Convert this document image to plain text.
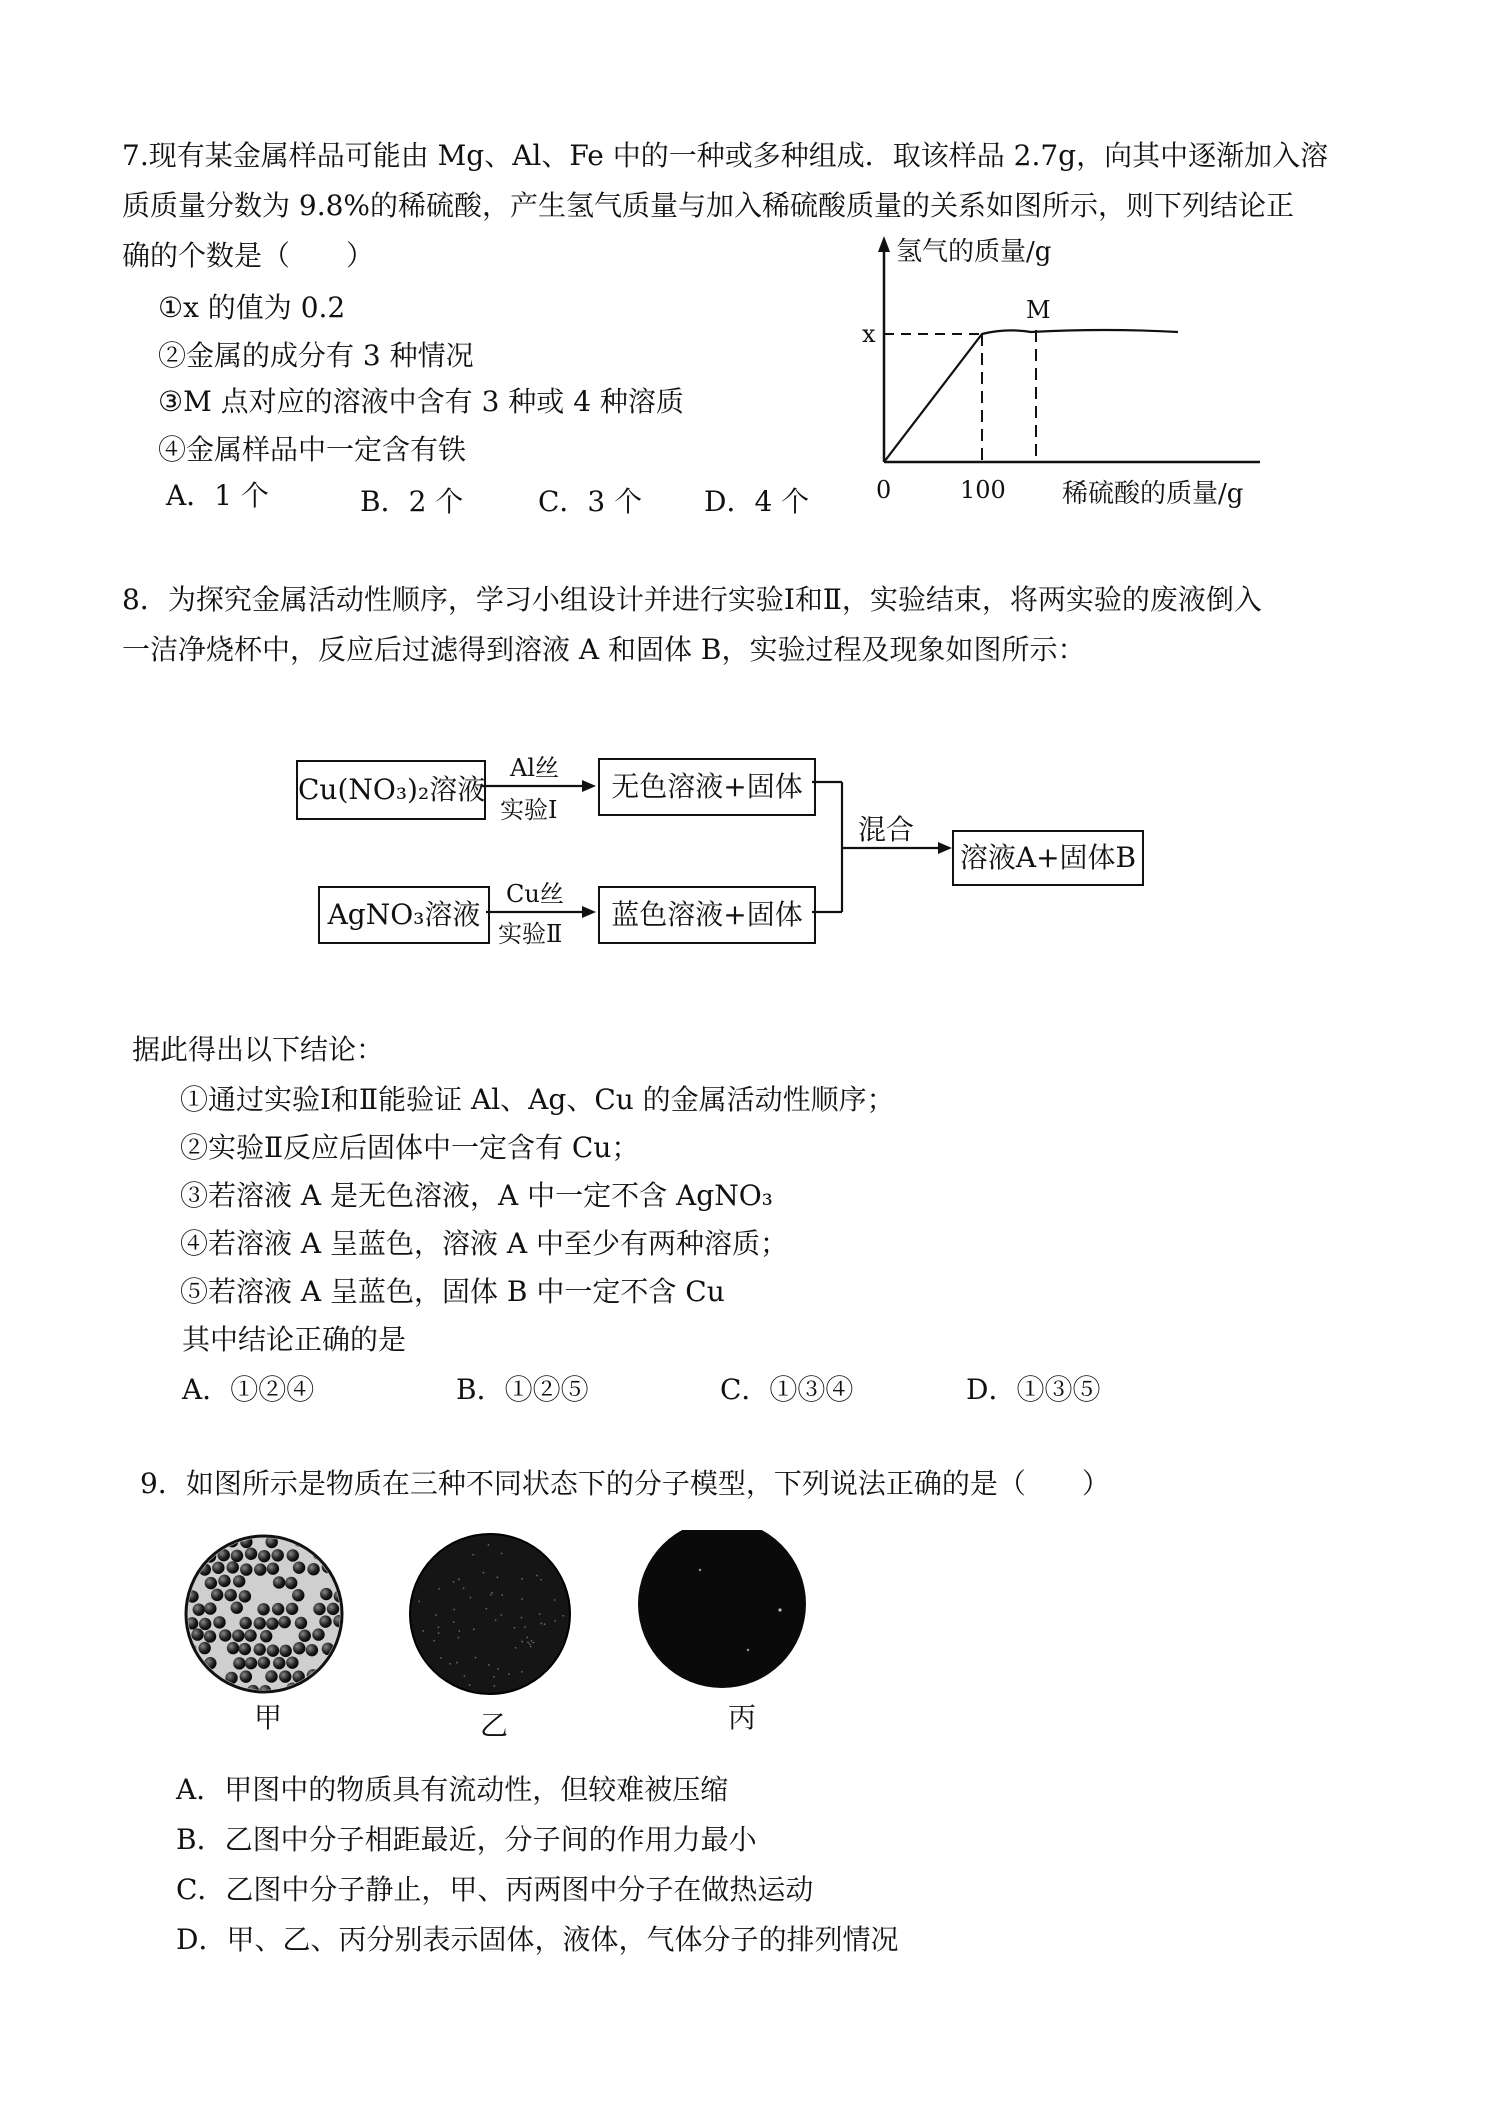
7.现有某金属样品可能由 Mg、Al、Fe 中的一种或多种组成．取该样品 2.7g，向其中逐渐加入溶
质质量分数为 9.8%的稀硫酸，产生氢气质量与加入稀硫酸质量的关系如图所示，则下列结论正
确的个数是（　　）
①x 的值为 0.2
②金属的成分有 3 种情况
③M 点对应的溶液中含有 3 种或 4 种溶质
④金属样品中一定含有铁
A．1 个	B．2 个	C．3 个 D．4 个
氢气的质量/g
x
M
0	100 稀硫酸的质量/g
8．为探究金属活动性顺序，学习小组设计并进行实验Ⅰ和Ⅱ，实验结束，将两实验的废液倒入
一洁净烧杯中，反应后过滤得到溶液 A 和固体 B，实验过程及现象如图所示：
Cu(NO₃)₂溶液	无色溶液+固体
AgNO₃溶液	蓝色溶液+固体
溶液A+固体B
Al丝
实验Ⅰ
Cu丝
实验Ⅱ
混合
据此得出以下结论：
①通过实验Ⅰ和Ⅱ能验证 Al、Ag、Cu 的金属活动性顺序；
②实验Ⅱ反应后固体中一定含有 Cu；
③若溶液 A 是无色溶液，A 中一定不含 AgNO₃
④若溶液 A 呈蓝色，溶液 A 中至少有两种溶质；
⑤若溶液 A 呈蓝色，固体 B 中一定不含 Cu
其中结论正确的是
A．①②④	B．①②⑤	C．①③④	D．①③⑤
9．如图所示是物质在三种不同状态下的分子模型，下列说法正确的是（　　）
甲	乙	丙
A．甲图中的物质具有流动性，但较难被压缩
B．乙图中分子相距最近，分子间的作用力最小
C．乙图中分子静止，甲、丙两图中分子在做热运动
D．甲、乙、丙分别表示固体，液体，气体分子的排列情况
